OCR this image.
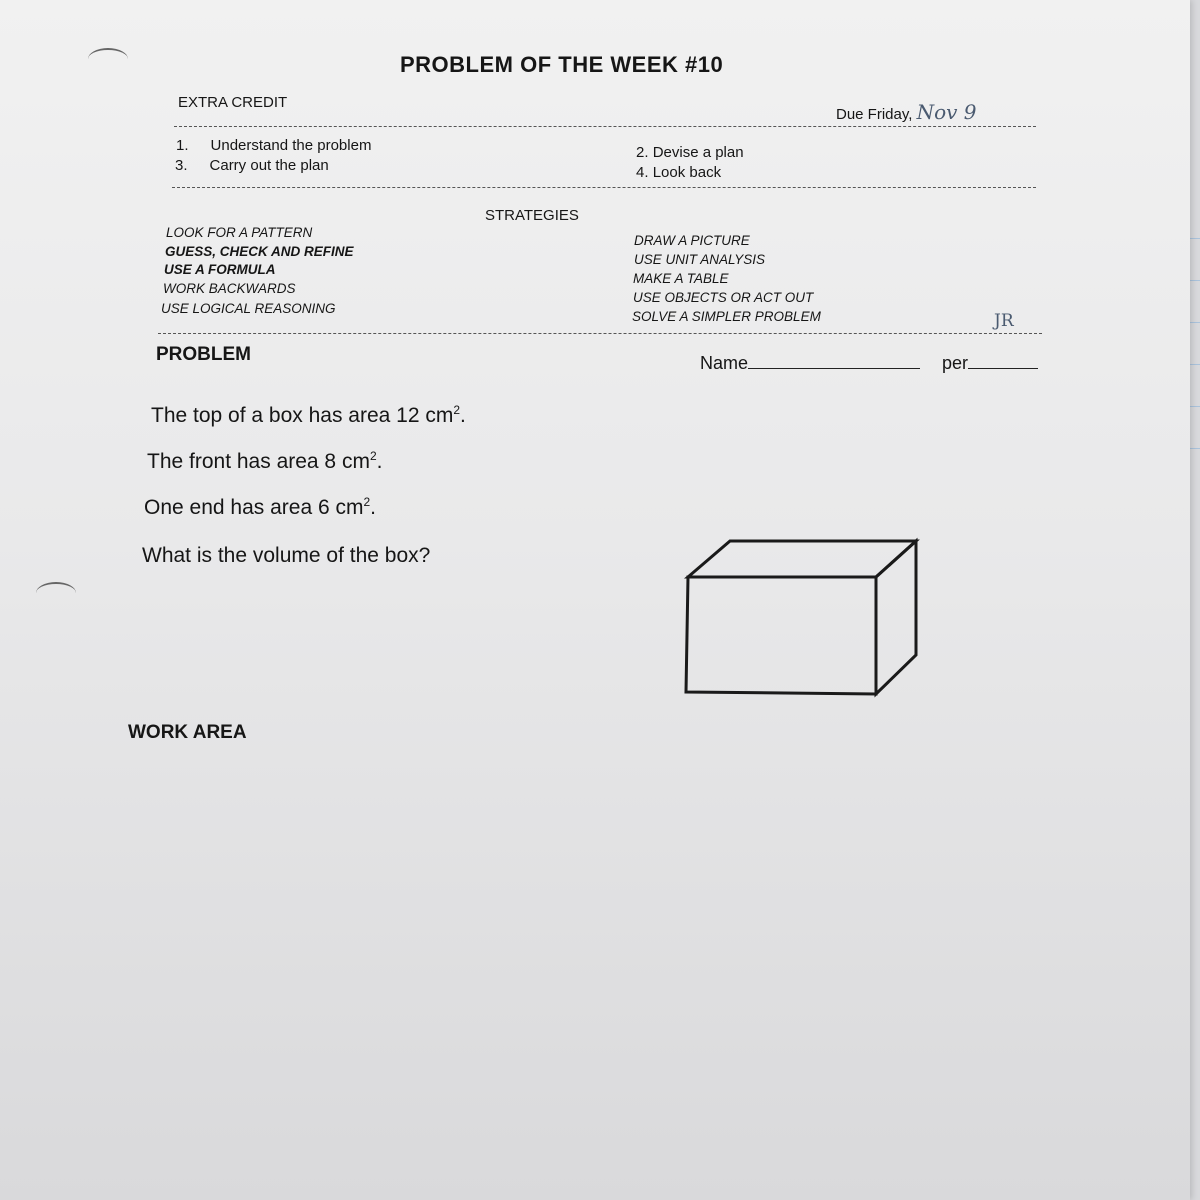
PROBLEM OF THE WEEK #10
EXTRA CREDIT
Due Friday, Nov 9
1. Understand the problem
3. Carry out the plan
2. Devise a plan
4. Look back
STRATEGIES
LOOK FOR A PATTERN
GUESS, CHECK AND REFINE
USE A FORMULA
WORK BACKWARDS
USE LOGICAL REASONING
DRAW A PICTURE
USE UNIT ANALYSIS
MAKE A TABLE
USE OBJECTS OR ACT OUT
SOLVE A SIMPLER PROBLEM	JR
PROBLEM	Name	per
The top of a box has area 12 $cm^2$.
The front has area 8 $cm^2$.
One end has area 6 $cm^2$.
What is the volume of the box?
WORK AREA
